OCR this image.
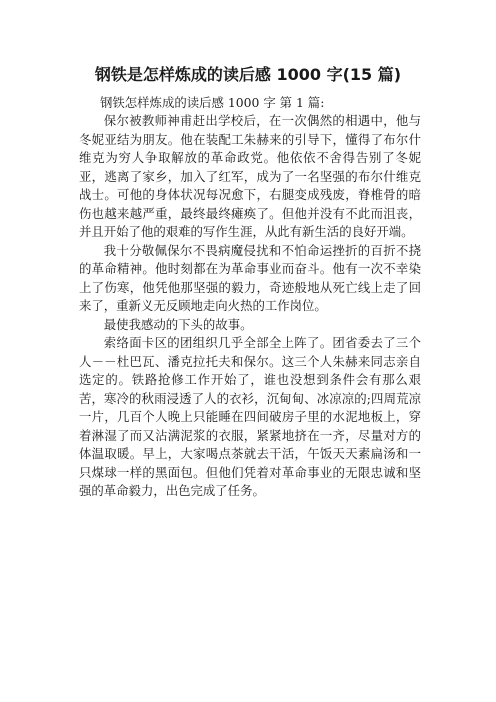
钢铁是怎样炼成的读后感 1000 字(15 篇)
钢铁怎样炼成的读后感 1000 字 第 1 篇:

保尔被教师神甫赶出学校后，在一次偶然的相遇中，他与冬妮亚结为朋友。他在装配工朱赫来的引导下，懂得了布尔什维克为穷人争取解放的革命政党。他依依不舍得告别了冬妮亚，逃离了家乡，加入了红军，成为了一名坚强的布尔什维克战士。可他的身体状况每况愈下，右腿变成残废，脊椎骨的暗伤也越来越严重，最终最终瘫痪了。但他并没有不此而沮丧，并且开始了他的艰难的写作生涯，从此有新生活的良好开端。

我十分敬佩保尔不畏病魔侵扰和不怕命运挫折的百折不挠的革命精神。他时刻都在为革命事业而奋斗。他有一次不幸染上了伤寒，他凭他那坚强的毅力，奇迹般地从死亡线上走了回来了，重新义无反顾地走向火热的工作岗位。

最使我感动的下头的故事。

索络面卡区的团组织几乎全部全上阵了。团省委去了三个人－－杜巴瓦、潘克拉托夫和保尔。这三个人朱赫来同志亲自选定的。铁路抢修工作开始了，谁也没想到条件会有那么艰苦，寒冷的秋雨浸透了人的衣衫，沉甸甸、冰凉凉的;四周荒凉一片，几百个人晚上只能睡在四间破房子里的水泥地板上，穿着淋湿了而又沾满泥浆的衣服，紧紧地挤在一齐，尽量对方的体温取暖。早上，大家喝点茶就去干活，午饭天天素扁汤和一只煤球一样的黑面包。但他们凭着对革命事业的无限忠诚和坚强的革命毅力，出色完成了任务。
